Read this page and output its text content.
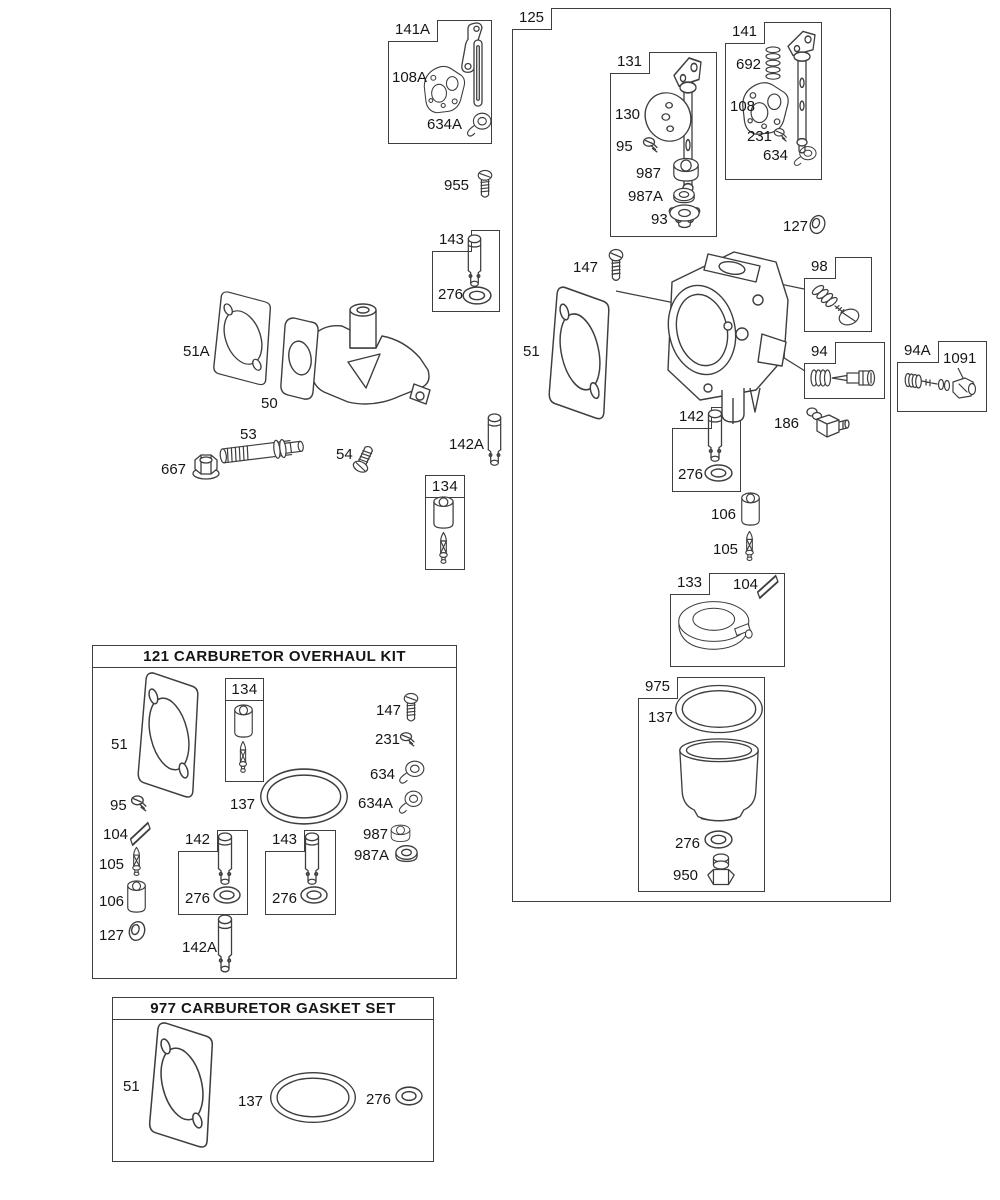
141A
125
131
141
143
134
98
94	94A
142
133
975
121 CARBURETOR OVERHAUL KIT
134
142	143
977 CARBURETOR GASKET SET
108A
634A
955
276
51A
50
53
667
54
142A
130
95
987
987A
93
692
108
231
634
127
147
51	1091
186
276
106
105
104
137
276
950
51
95	137
147
231
634
634A
987
987A
104
105
106
127
276	276
142A
51
137	276
